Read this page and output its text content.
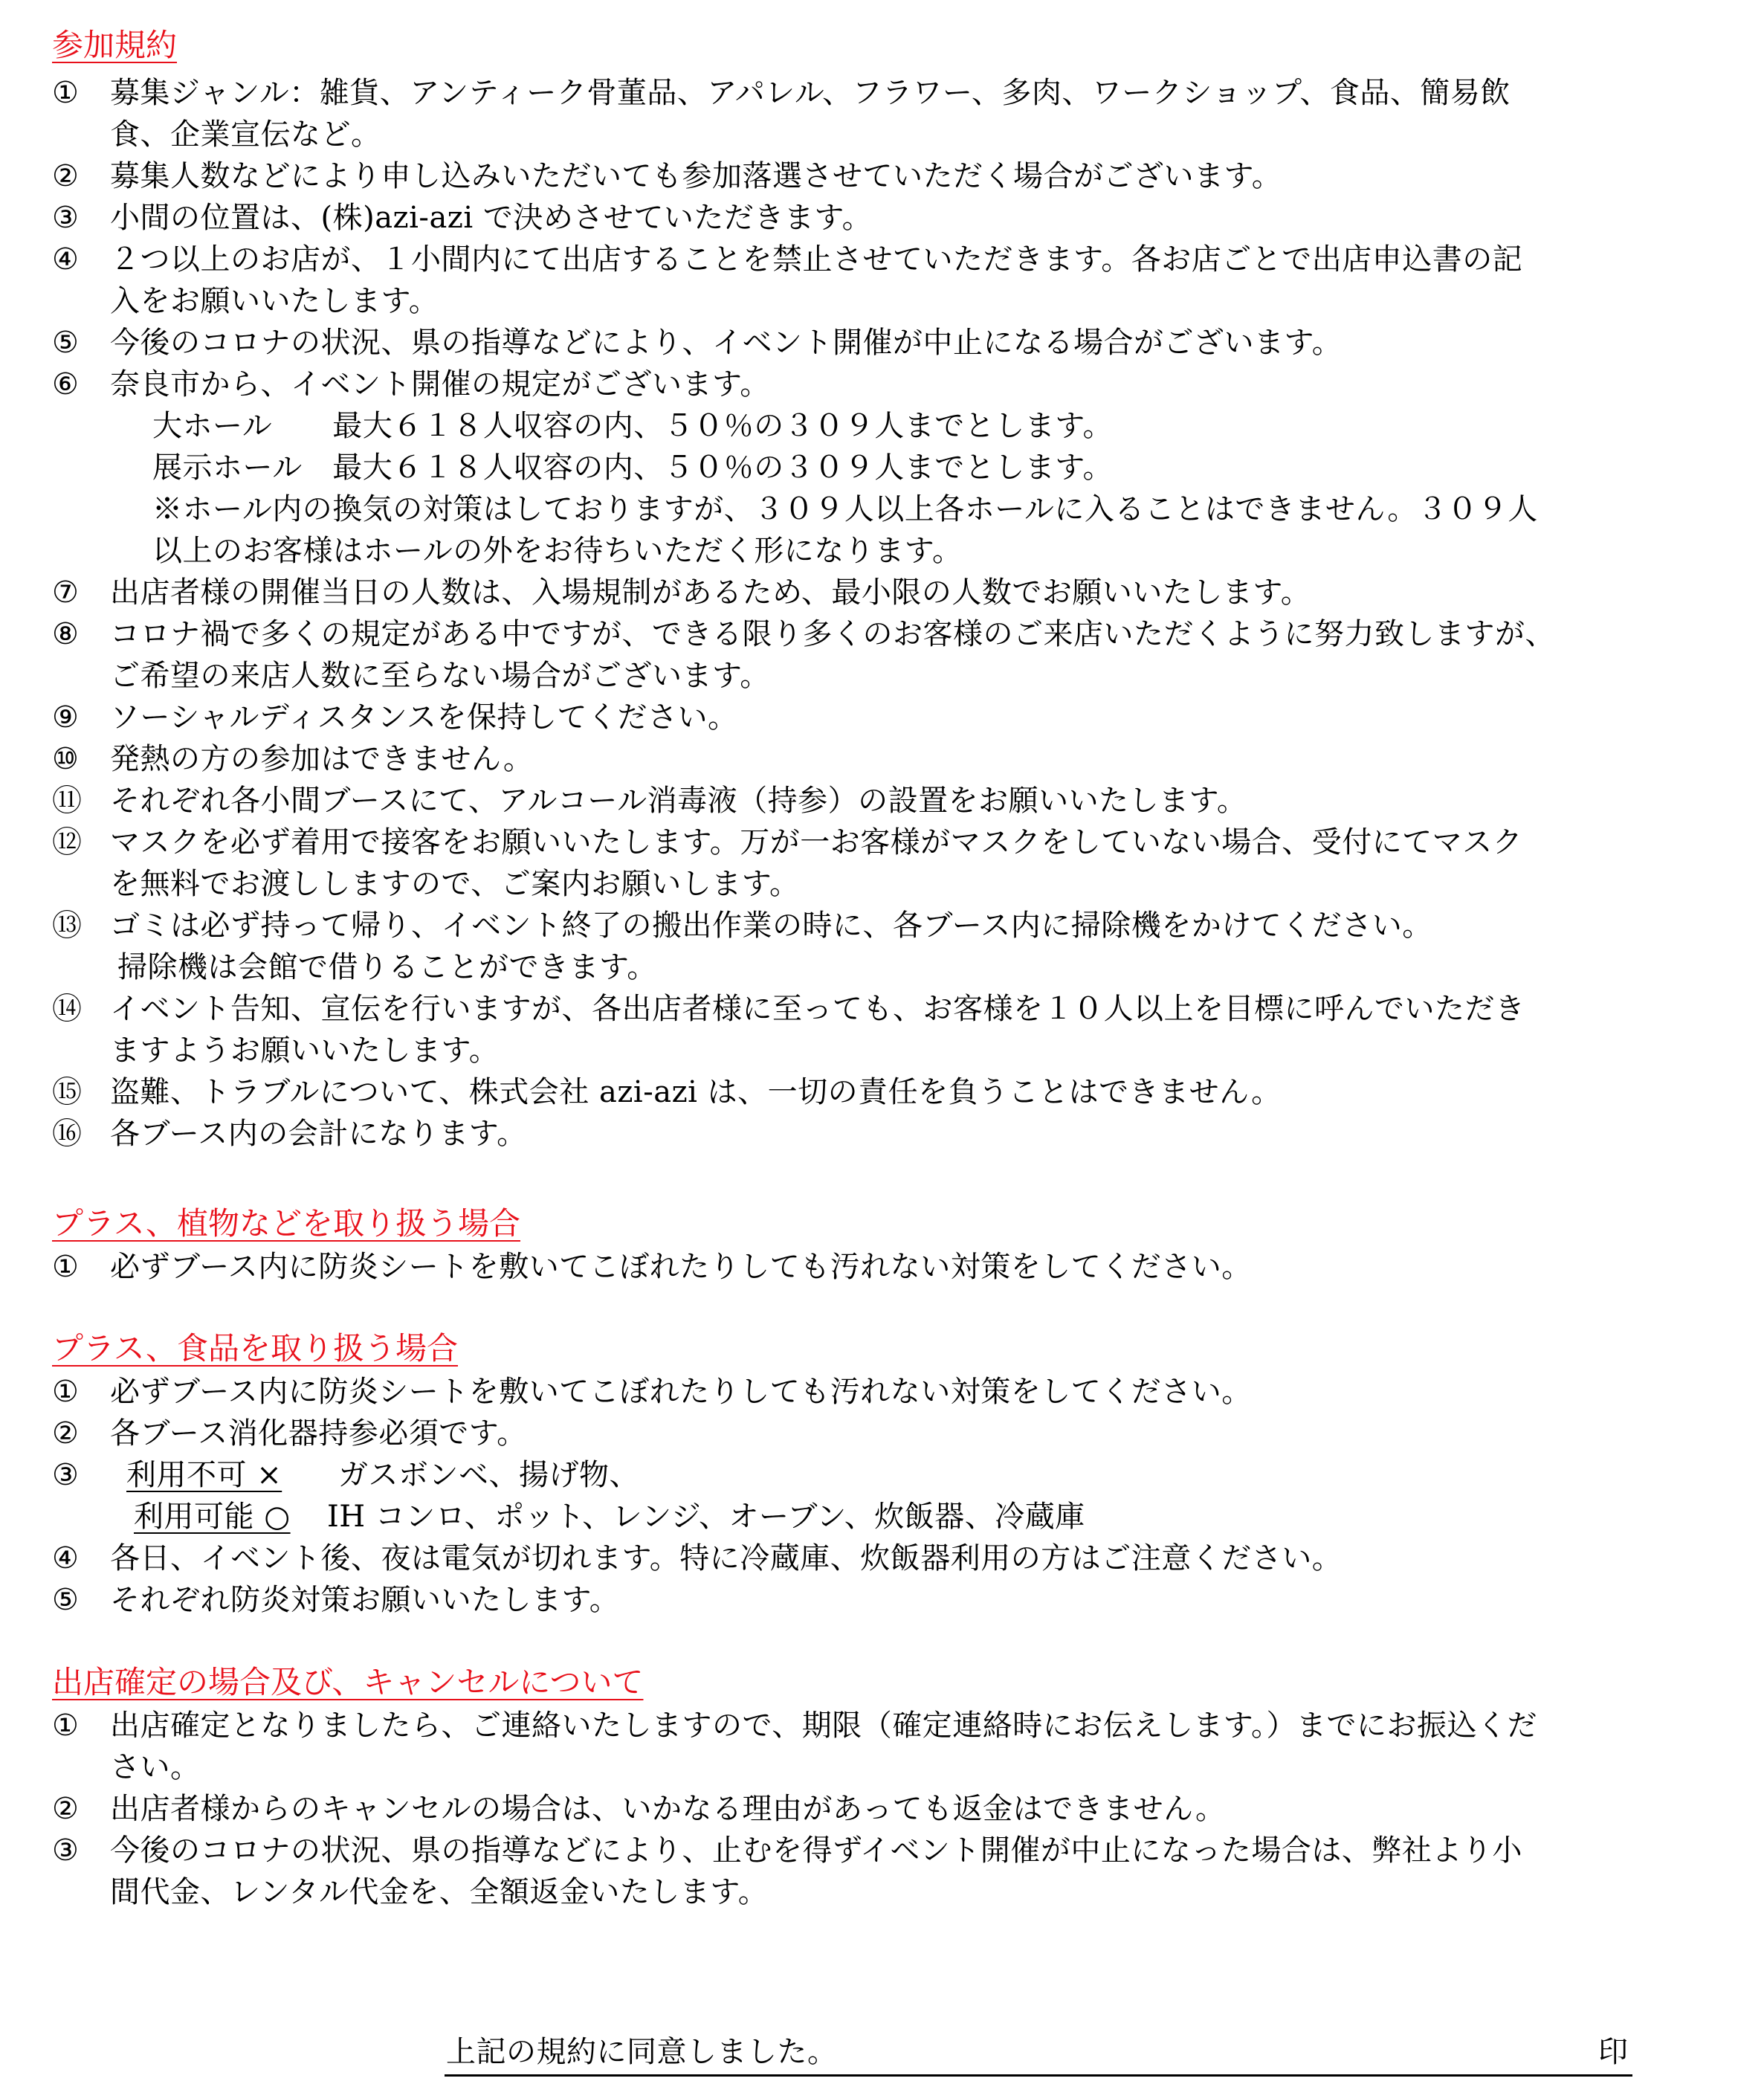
参加規約
① 募集ジャンル：雑貨、アンティーク骨董品、アパレル、フラワー、多肉、ワークショップ、食品、簡易飲
食、企業宣伝など。
② 募集人数などにより申し込みいただいても参加落選させていただく場合がございます。
③ 小間の位置は、(株)azi-azi で決めさせていただきます。
④ ２つ以上のお店が、１小間内にて出店することを禁止させていただきます。各お店ごとで出店申込書の記
入をお願いいたします。
⑤ 今後のコロナの状況、県の指導などにより、イベント開催が中止になる場合がございます。
⑥ 奈良市から、イベント開催の規定がございます。
大ホール　　最大６１８人収容の内、５０％の３０９人までとします。
展示ホール　最大６１８人収容の内、５０％の３０９人までとします。
※ホール内の換気の対策はしておりますが、３０９人以上各ホールに入ることはできません。３０９人
以上のお客様はホールの外をお待ちいただく形になります。
⑦ 出店者様の開催当日の人数は、入場規制があるため、最小限の人数でお願いいたします。
⑧ コロナ禍で多くの規定がある中ですが、できる限り多くのお客様のご来店いただくように努力致しますが、
ご希望の来店人数に至らない場合がございます。
⑨ ソーシャルディスタンスを保持してください。
⑩ 発熱の方の参加はできません。
⑪ それぞれ各小間ブースにて、アルコール消毒液（持参）の設置をお願いいたします。
⑫ マスクを必ず着用で接客をお願いいたします。万が一お客様がマスクをしていない場合、受付にてマスク
を無料でお渡ししますので、ご案内お願いします。
⑬ ゴミは必ず持って帰り、イベント終了の搬出作業の時に、各ブース内に掃除機をかけてください。
掃除機は会館で借りることができます。
⑭ イベント告知、宣伝を行いますが、各出店者様に至っても、お客様を１０人以上を目標に呼んでいただき
ますようお願いいたします。
⑮ 盗難、トラブルについて、株式会社 azi-azi は、一切の責任を負うことはできません。
⑯ 各ブース内の会計になります。
プラス、植物などを取り扱う場合
① 必ずブース内に防炎シートを敷いてこぼれたりしても汚れない対策をしてください。
プラス、食品を取り扱う場合
① 必ずブース内に防炎シートを敷いてこぼれたりしても汚れない対策をしてください。
② 各ブース消化器持参必須です。
③ 利用不可 × ガスボンベ、揚げ物、
利用可能 ○ IH コンロ、ポット、レンジ、オーブン、炊飯器、冷蔵庫
④ 各日、イベント後、夜は電気が切れます。特に冷蔵庫、炊飯器利用の方はご注意ください。
⑤ それぞれ防炎対策お願いいたします。
出店確定の場合及び、キャンセルについて
① 出店確定となりましたら、ご連絡いたしますので、期限（確定連絡時にお伝えします。）までにお振込くだ
さい。
② 出店者様からのキャンセルの場合は、いかなる理由があっても返金はできません。
③ 今後のコロナの状況、県の指導などにより、止むを得ずイベント開催が中止になった場合は、弊社より小
間代金、レンタル代金を、全額返金いたします。
上記の規約に同意しました。	印
